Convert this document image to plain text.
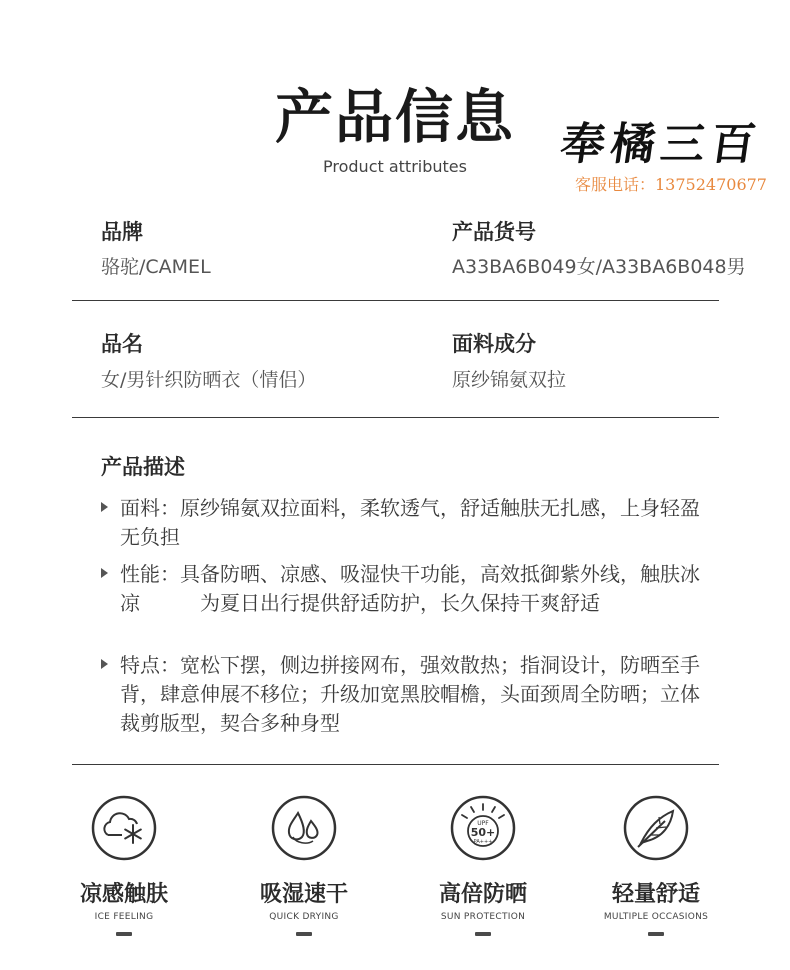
产品信息
Product attributes	奉橘三百
客服电话：13752470677
品牌
骆驼/CAMEL
产品货号
A33BA6B049女/A33BA6B048男
品名
女/男针织防晒衣（情侣）
面料成分
原纱锦氨双拉
产品描述
面料：原纱锦氨双拉面料，柔软透气，舒适触肤无扎感，上身轻盈无负担
性能：具备防晒、凉感、吸湿快干功能，高效抵御紫外线，触肤冰凉　　　为夏日出行提供舒适防护，长久保持干爽舒适
特点：宽松下摆，侧边拼接网布，强效散热；指洞设计，防晒至手背，肆意伸展不移位；升级加宽黑胶帽檐，头面颈周全防晒；立体裁剪版型，契合多种身型
凉感触肤
ICE FEELING
吸湿速干
QUICK DRYING
UPF
50+
PA+++
高倍防晒
SUN PROTECTION
轻量舒适
MULTIPLE OCCASIONS
